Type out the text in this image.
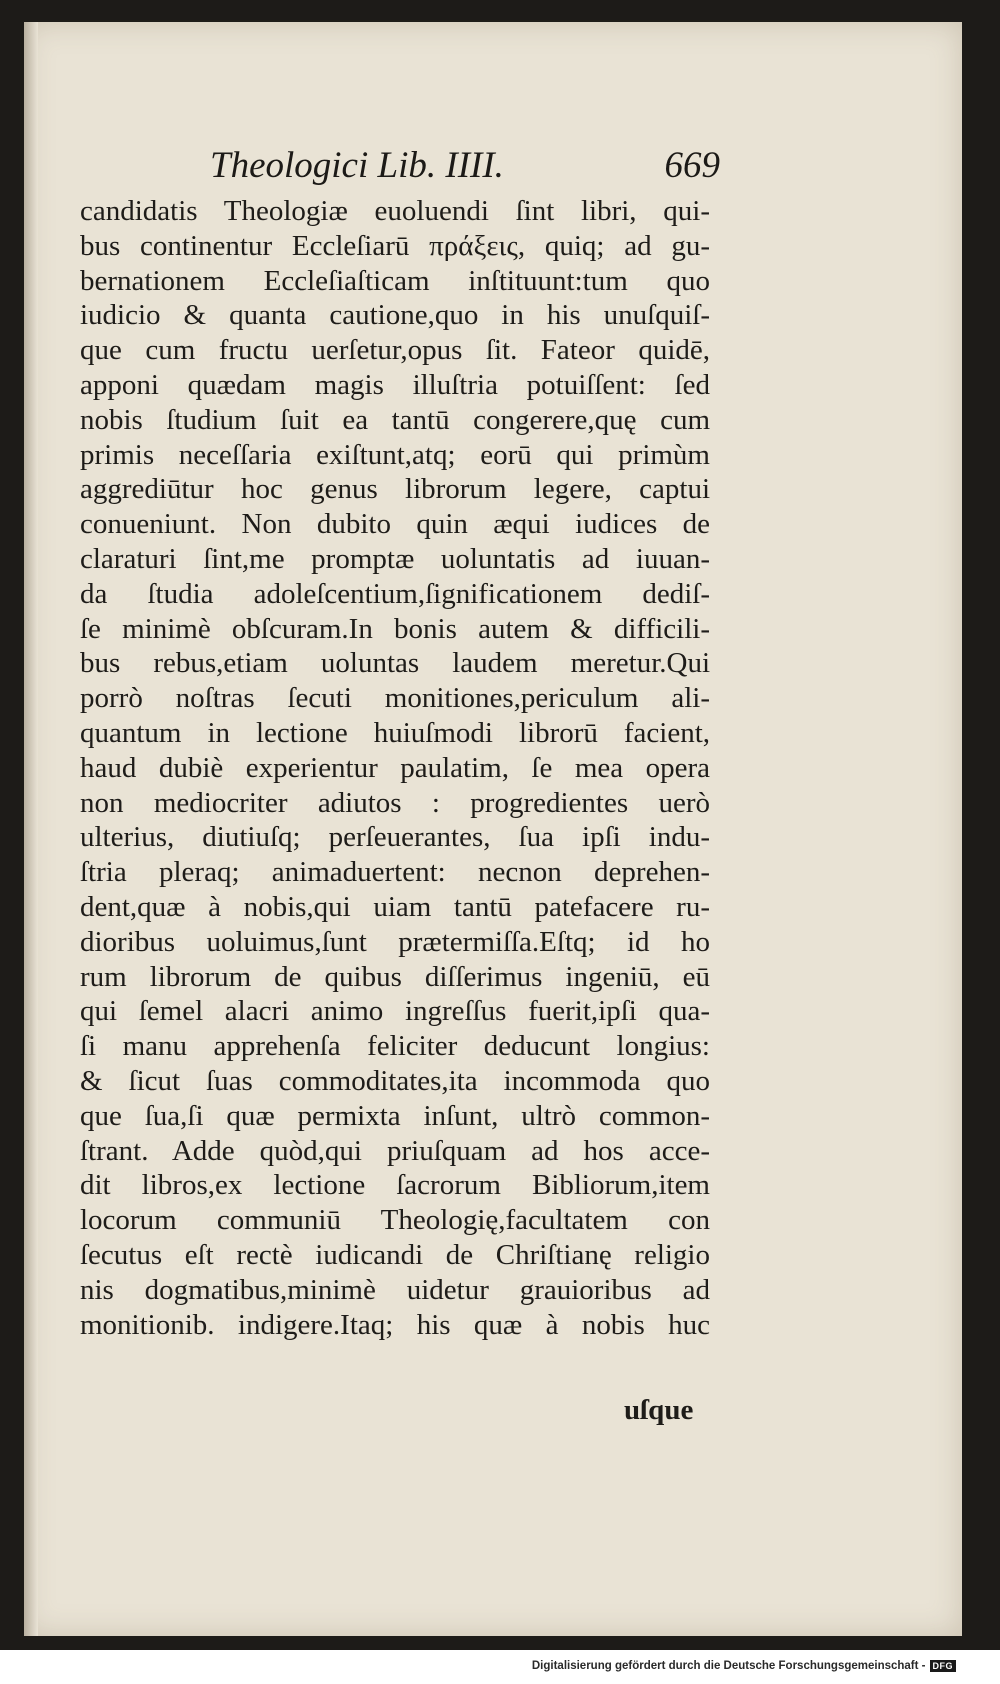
Theologici Lib. IIII.	669
candidatis Theologiæ euoluendi ſint libri, qui-
bus continentur Eccleſiarū πράξεις, quiq; ad gu-
bernationem Eccleſiaſticam inſtituunt:tum quo
iudicio & quanta cautione,quo in his unuſquiſ-
que cum fructu uerſetur,opus ſit. Fateor quidē,
apponi quædam magis illuſtria potuiſſent: ſed
nobis ſtudium ſuit ea tantū congerere,quę cum
primis neceſſaria exiſtunt,atq; eorū qui primùm
aggrediūtur hoc genus librorum legere, captui
conueniunt. Non dubito quin æqui iudices de
claraturi ſint,me promptæ uoluntatis ad iuuan-
da ſtudia adoleſcentium,ſignificationem dediſ-
ſe minimè obſcuram.In bonis autem & difficili-
bus rebus,etiam uoluntas laudem meretur.Qui
porrò noſtras ſecuti monitiones,periculum ali-
quantum in lectione huiuſmodi librorū facient,
haud dubiè experientur paulatim, ſe mea opera
non mediocriter adiutos : progredientes uerò
ulterius, diutiuſq; perſeuerantes, ſua ipſi indu-
ſtria pleraq; animaduertent: necnon deprehen-
dent,quæ à nobis,qui uiam tantū patefacere ru-
dioribus uoluimus,ſunt prætermiſſa.Eſtq; id ho
rum librorum de quibus diſſerimus ingeniū, eū
qui ſemel alacri animo ingreſſus fuerit,ipſi qua-
ſi manu apprehenſa feliciter deducunt longius:
& ſicut ſuas commoditates,ita incommoda quo
que ſua,ſi quæ permixta inſunt, ultrò common-
ſtrant. Adde quòd,qui priuſquam ad hos acce-
dit libros,ex lectione ſacrorum Bibliorum,item
locorum communiū Theologię,facultatem con
ſecutus eſt rectè iudicandi de Chriſtianę religio
nis dogmatibus,minimè uidetur grauioribus ad
monitionib. indigere.Itaq; his quæ à nobis huc
uſque
Digitalisierung gefördert durch die Deutsche Forschungsgemeinschaft - DFG
